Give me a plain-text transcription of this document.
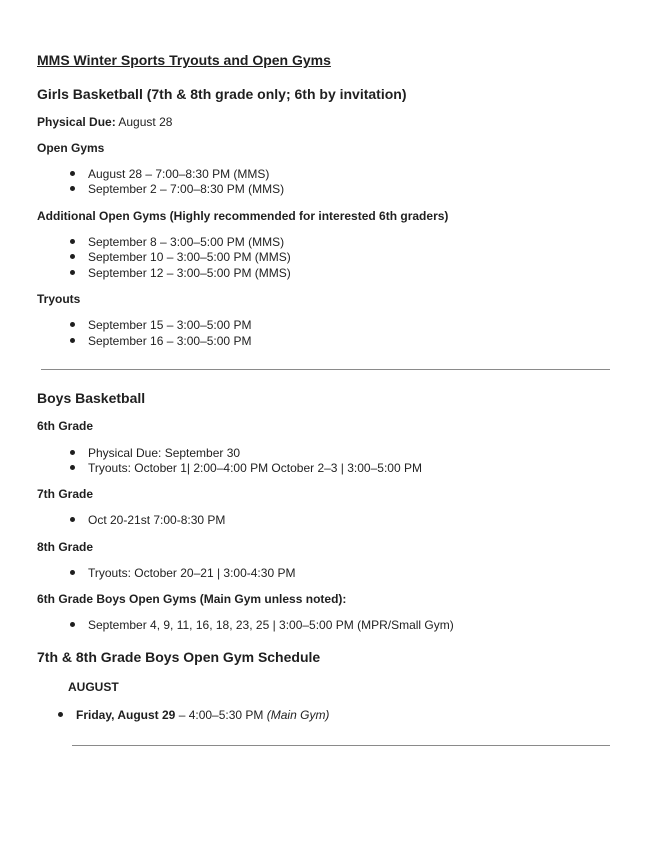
MMS Winter Sports Tryouts and Open Gyms
Girls Basketball (7th & 8th grade only; 6th by invitation)
Physical Due: August 28
Open Gyms
August 28 – 7:00–8:30 PM (MMS)
September 2 – 7:00–8:30 PM (MMS)
Additional Open Gyms (Highly recommended for interested 6th graders)
September 8 – 3:00–5:00 PM (MMS)
September 10 – 3:00–5:00 PM (MMS)
September 12 – 3:00–5:00 PM (MMS)
Tryouts
September 15 – 3:00–5:00 PM
September 16 – 3:00–5:00 PM
Boys Basketball
6th Grade
Physical Due: September 30
Tryouts: October 1| 2:00–4:00 PM October 2–3 | 3:00–5:00 PM
7th Grade
Oct 20-21st 7:00-8:30 PM
8th Grade
Tryouts: October 20–21 | 3:00-4:30 PM
6th Grade Boys Open Gyms (Main Gym unless noted):
September 4, 9, 11, 16, 18, 23, 25 | 3:00–5:00 PM (MPR/Small Gym)
7th & 8th Grade Boys Open Gym Schedule
AUGUST
Friday, August 29 – 4:00–5:30 PM (Main Gym)
